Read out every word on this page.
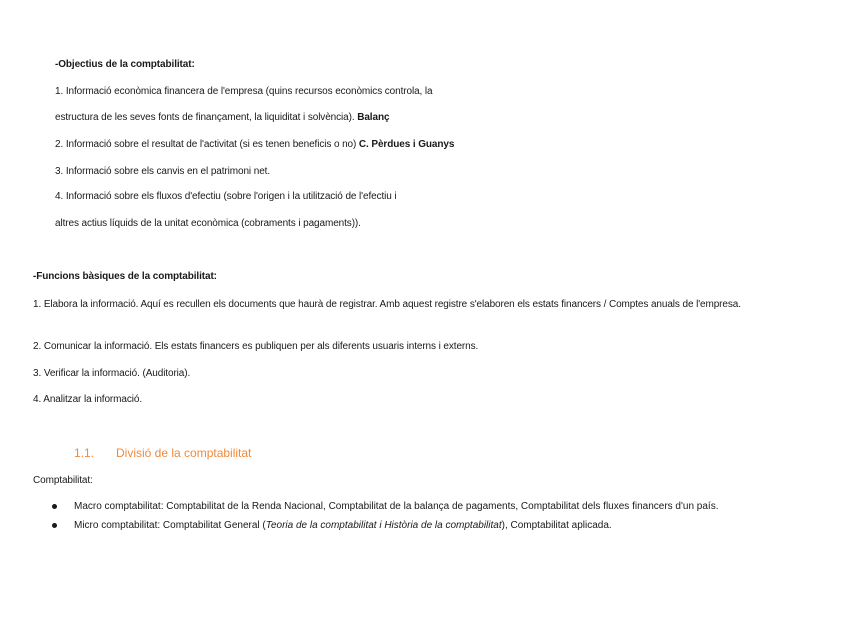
-Objectius de la comptabilitat:
1. Informació econòmica financera de l'empresa (quins recursos econòmics controla, la
estructura de les seves fonts de finançament, la liquiditat i solvència). Balanç
2. Informació sobre el resultat de l'activitat (si es tenen beneficis o no) C. Pèrdues i Guanys
3. Informació sobre els canvis en el patrimoni net.
4. Informació sobre els fluxos d'efectiu (sobre l'origen i la utilització de l'efectiu i
altres actius líquids de la unitat econòmica (cobraments i pagaments)).
-Funcions bàsiques de la comptabilitat:
1. Elabora la informació. Aquí es recullen els documents que haurà de registrar. Amb aquest registre s'elaboren els estats financers / Comptes anuals de l'empresa.
2. Comunicar la informació. Els estats financers es publiquen per als diferents usuaris interns i externs.
3. Verificar la informació. (Auditoria).
4. Analitzar la informació.
1.1. Divisió de la comptabilitat
Comptabilitat:
Macro comptabilitat: Comptabilitat de la Renda Nacional, Comptabilitat de la balança de pagaments, Comptabilitat dels fluxes financers d'un país.
Micro comptabilitat: Comptabilitat General (Teoria de la comptabilitat i Història de la comptabilitat), Comptabilitat aplicada.
